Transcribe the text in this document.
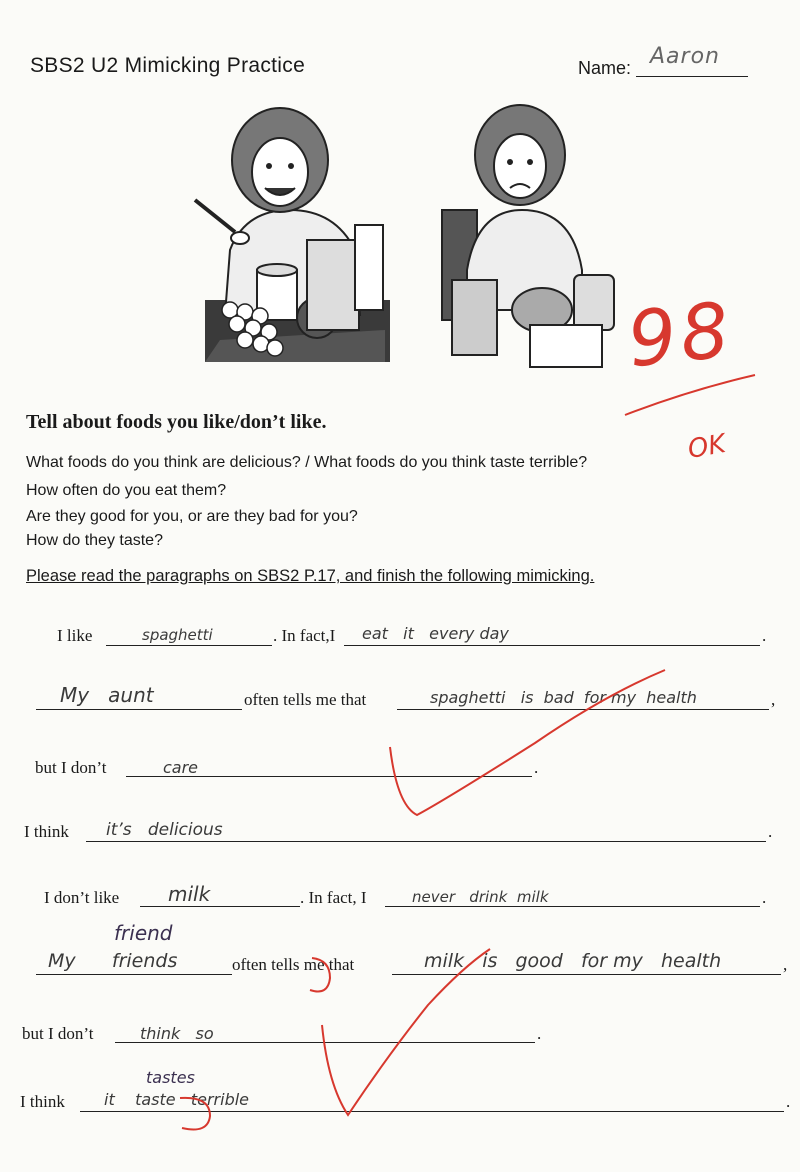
SBS2 U2 Mimicking Practice	Name: Aaron
98
OK
Tell about foods you like/don’t like.
What foods do you think are delicious? / What foods do you think taste terrible?
How often do you eat them?
Are they good for you, or are they bad for you?
How do they taste?
Please read the paragraphs on SBS2 P.17, and finish the following mimicking.
I like	spaghetti	. In fact,I eat   it   every day	.
My   aunt	often tells me that	spaghetti   is  bad  for my  health	,
but I don’t	care	.
I think it’s   delicious	.
I don’t like milk	. In fact, I	never   drink  milk	.
friend
My      friends	often tells me that	milk   is   good   for my   health	,
but I don’t	think   so	.
tastes
I think it    taste   terrible	.
